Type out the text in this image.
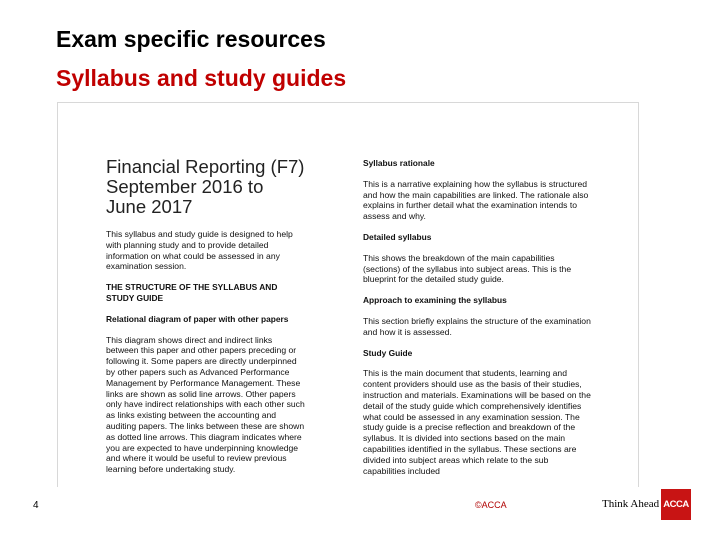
Exam specific resources
Syllabus and study guides
Financial Reporting (F7) September 2016 to June 2017

This syllabus and study guide is designed to help with planning study and to provide detailed information on what could be assessed in any examination session.

THE STRUCTURE OF THE SYLLABUS AND STUDY GUIDE

Relational diagram of paper with other papers

This diagram shows direct and indirect links between this paper and other papers preceding or following it. Some papers are directly underpinned by other papers such as Advanced Performance Management by Performance Management. These links are shown as solid line arrows. Other papers only have indirect relationships with each other such as links existing between the accounting and auditing papers. The links between these are shown as dotted line arrows. This diagram indicates where you are expected to have underpinning knowledge and where it would be useful to review previous learning before undertaking study.

Syllabus rationale

This is a narrative explaining how the syllabus is structured and how the main capabilities are linked. The rationale also explains in further detail what the examination intends to assess and why.

Detailed syllabus

This shows the breakdown of the main capabilities (sections) of the syllabus into subject areas. This is the blueprint for the detailed study guide.

Approach to examining the syllabus

This section briefly explains the structure of the examination and how it is assessed.

Study Guide

This is the main document that students, learning and content providers should use as the basis of their studies, instruction and materials. Examinations will be based on the detail of the study guide which comprehensively identifies what could be assessed in any examination session. The study guide is a precise reflection and breakdown of the syllabus. It is divided into sections based on the main capabilities identified in the syllabus. These sections are divided into subject areas which relate to the sub capabilities included

4	©ACCA	Think Ahead ACCA
